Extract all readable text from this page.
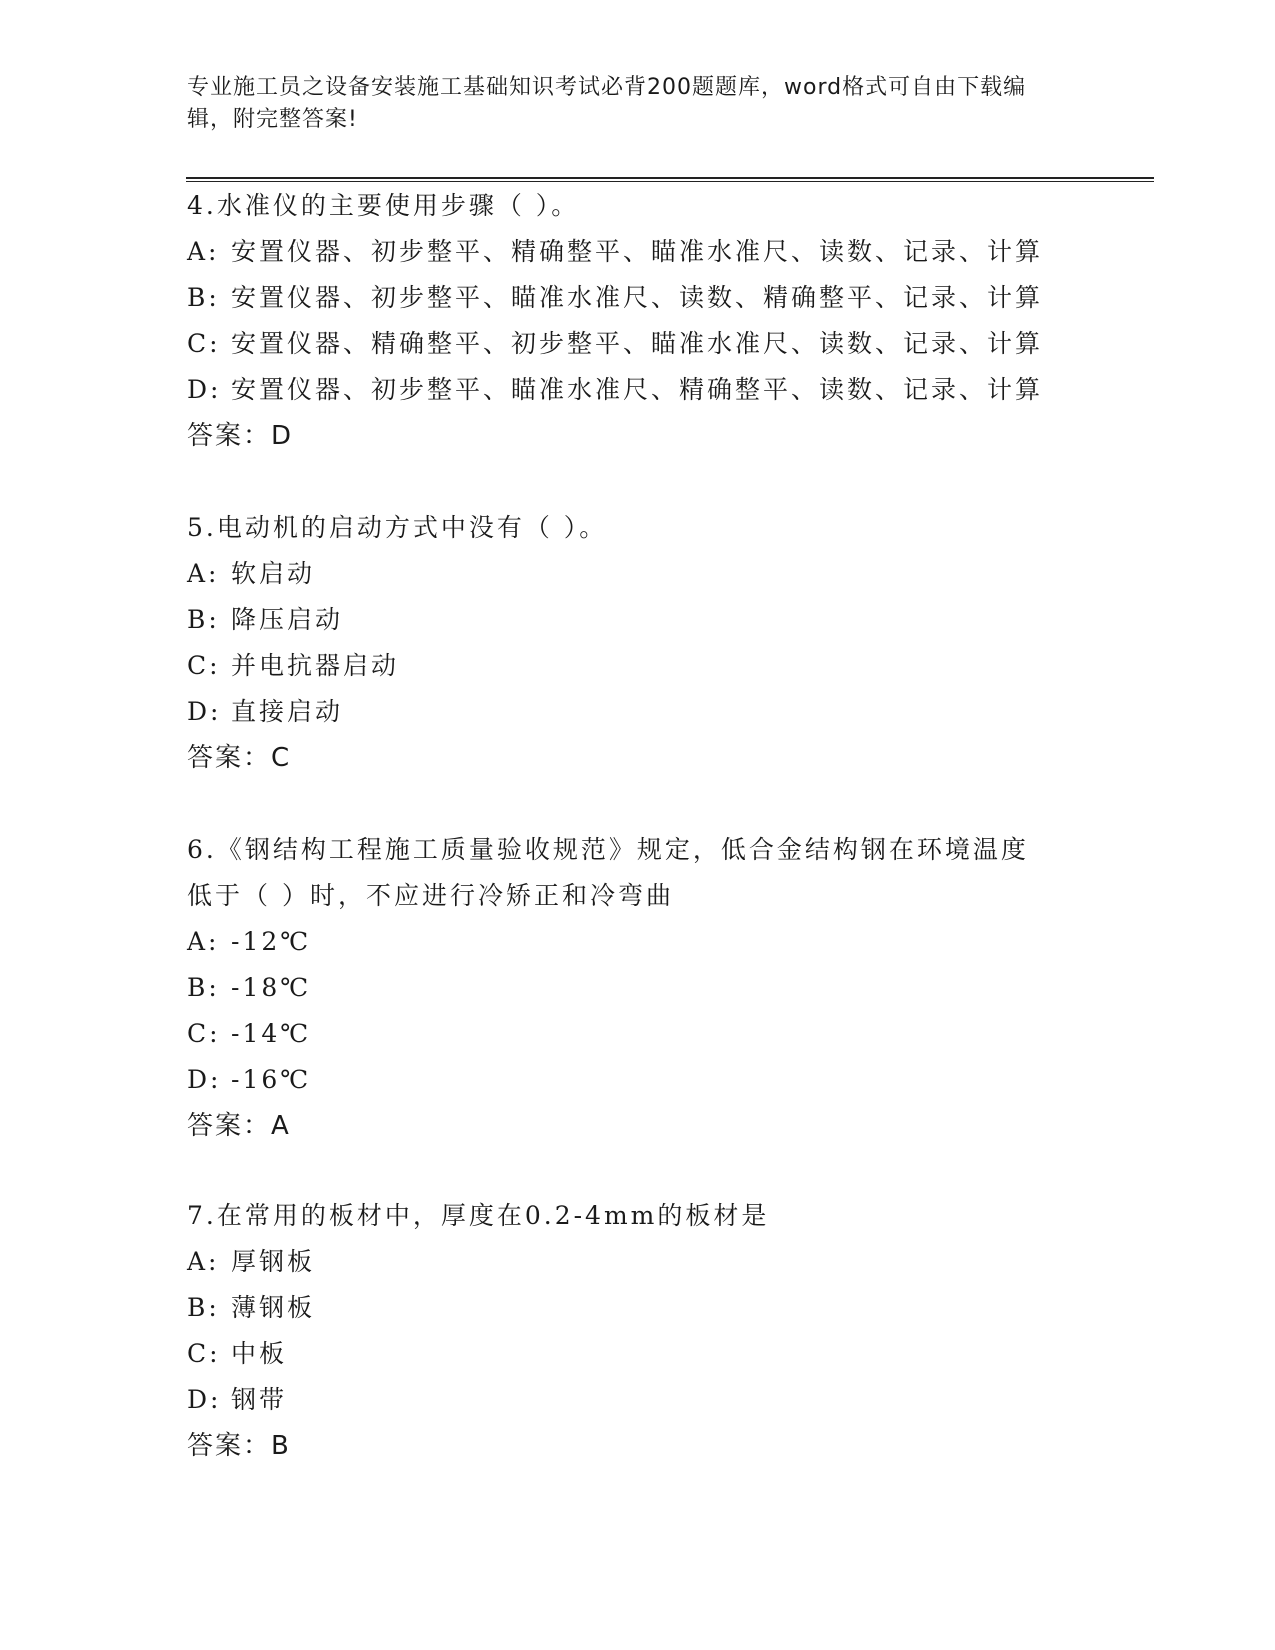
专业施工员之设备安装施工基础知识考试必背200题题库，word格式可自由下载编辑，附完整答案!
4.水准仪的主要使用步骤（ ）。
A: 安置仪器、初步整平、精确整平、瞄准水准尺、读数、记录、计算
B: 安置仪器、初步整平、瞄准水准尺、读数、精确整平、记录、计算
C: 安置仪器、精确整平、初步整平、瞄准水准尺、读数、记录、计算
D: 安置仪器、初步整平、瞄准水准尺、精确整平、读数、记录、计算
答案：D
5.电动机的启动方式中没有（ ）。
A: 软启动
B: 降压启动
C: 并电抗器启动
D: 直接启动
答案：C
6.《钢结构工程施工质量验收规范》规定，低合金结构钢在环境温度低于（ ）时，不应进行冷矫正和冷弯曲
A: -12℃
B: -18℃
C: -14℃
D: -16℃
答案：A
7.在常用的板材中，厚度在0.2-4mm的板材是
A: 厚钢板
B: 薄钢板
C: 中板
D: 钢带
答案：B
